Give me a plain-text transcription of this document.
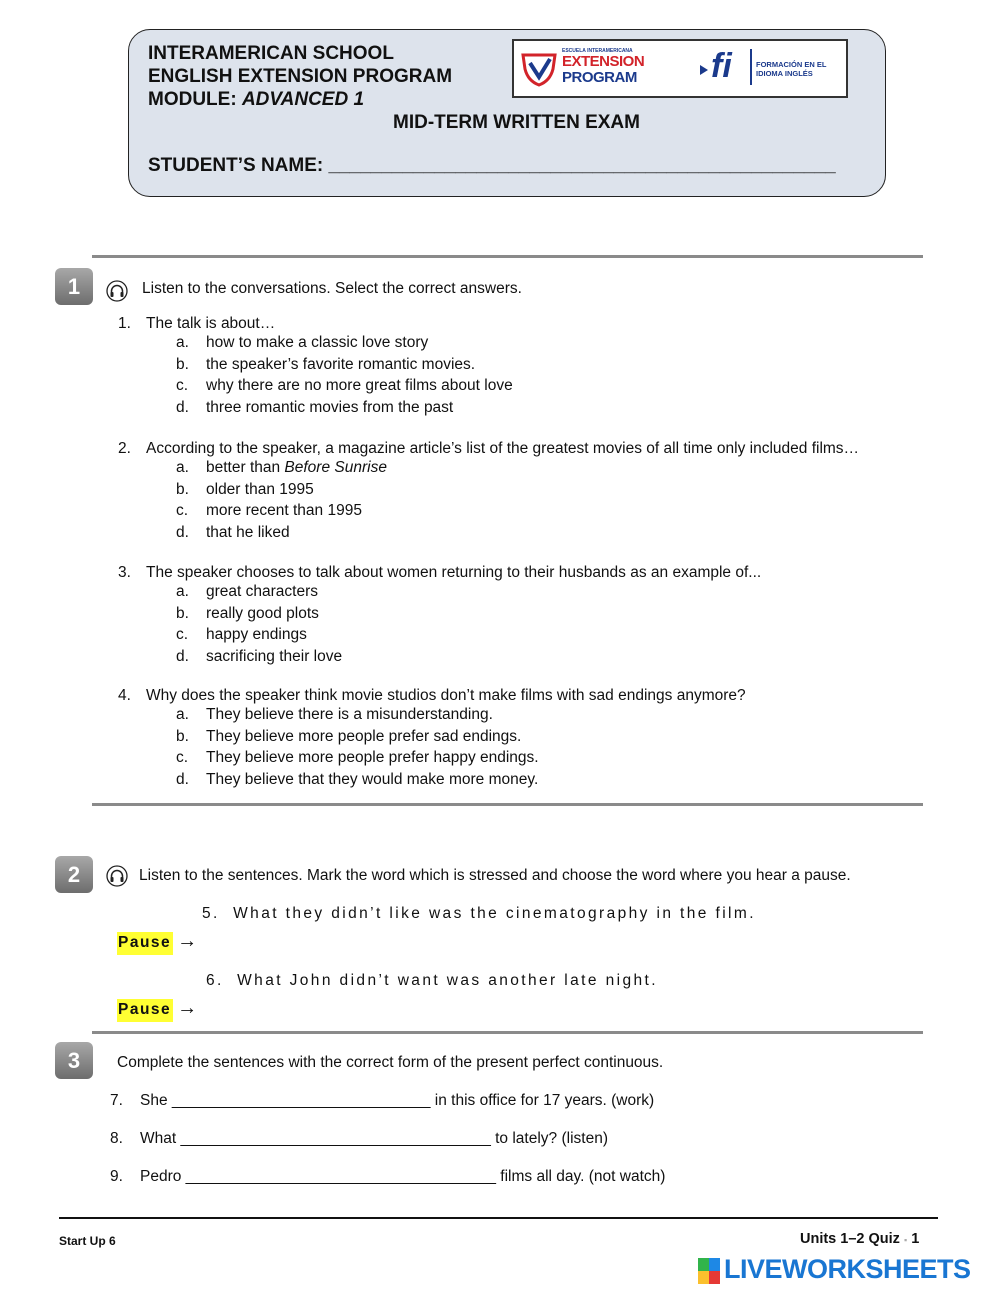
INTERAMERICAN SCHOOL
ENGLISH EXTENSION PROGRAM
MODULE: ADVANCED 1
MID-TERM WRITTEN EXAM
STUDENT’S NAME: ________________________________________________
ESCUELA INTERAMERICANA
EXTENSION
PROGRAM fi	FORMACIÓN EN EL
IDIOMA INGLÉS
1	Listen to the conversations. Select the correct answers.
1. The talk is about…
a. how to make a classic love story
b. the speaker’s favorite romantic movies.
c. why there are no more great films about love
d. three romantic movies from the past
2. According to the speaker, a magazine article’s list of the greatest movies of all time only included films…
a. better than Before Sunrise
b. older than 1995
c. more recent than 1995
d. that he liked
3. The speaker chooses to talk about women returning to their husbands as an example of...
a. great characters
b. really good plots
c. happy endings
d. sacrificing their love
4. Why does the speaker think movie studios don’t make films with sad endings anymore?
a. They believe there is a misunderstanding.
b. They believe more people prefer sad endings.
c. They believe more people prefer happy endings.
d. They believe that they would make more money.
2	Listen to the sentences. Mark the word which is stressed and choose the word where you hear a pause.
5. What they didn’t like was the cinematography in the film.
Pause →
6. What John didn’t want was another late night.
Pause →
3	Complete the sentences with the correct form of the present perfect continuous.
7. She ______________________________ in this office for 17 years. (work)
8. What ____________________________________ to lately? (listen)
9. Pedro ____________________________________ films all day. (not watch)
Start Up 6	Units 1–2 Quiz ▪ 1
LIVEWORKSHEETS
